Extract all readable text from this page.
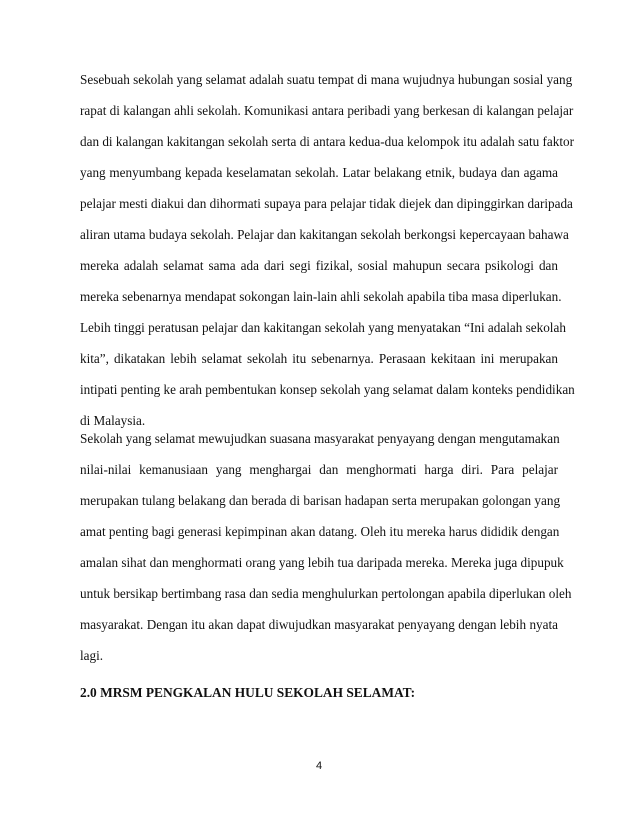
Sesebuah sekolah yang selamat adalah suatu tempat di mana wujudnya hubungan sosial yang
rapat di kalangan ahli sekolah. Komunikasi antara peribadi yang berkesan di kalangan pelajar
dan di kalangan kakitangan sekolah serta di antara kedua-dua kelompok itu adalah satu faktor
yang menyumbang kepada keselamatan sekolah. Latar belakang etnik, budaya dan agama
pelajar mesti diakui dan dihormati supaya para pelajar tidak diejek dan dipinggirkan daripada
aliran utama budaya sekolah. Pelajar dan kakitangan sekolah berkongsi kepercayaan bahawa
mereka adalah selamat sama ada dari segi fizikal, sosial mahupun secara psikologi dan
mereka sebenarnya mendapat sokongan lain-lain ahli sekolah apabila tiba masa diperlukan.
Lebih tinggi peratusan pelajar dan kakitangan sekolah yang menyatakan “Ini adalah sekolah
kita”, dikatakan lebih selamat sekolah itu sebenarnya. Perasaan kekitaan ini merupakan
intipati penting ke arah pembentukan konsep sekolah yang selamat dalam konteks pendidikan
di Malaysia.
Sekolah yang selamat mewujudkan suasana masyarakat penyayang dengan mengutamakan
nilai-nilai kemanusiaan yang menghargai dan menghormati harga diri. Para pelajar
merupakan tulang belakang dan berada di barisan hadapan serta merupakan golongan yang
amat penting bagi generasi kepimpinan akan datang. Oleh itu mereka harus dididik dengan
amalan sihat dan menghormati orang yang lebih tua daripada mereka. Mereka juga dipupuk
untuk bersikap bertimbang rasa dan sedia menghulurkan pertolongan apabila diperlukan oleh
masyarakat. Dengan itu akan dapat diwujudkan masyarakat penyayang dengan lebih nyata
lagi.
2.0 MRSM PENGKALAN HULU SEKOLAH SELAMAT:
4
